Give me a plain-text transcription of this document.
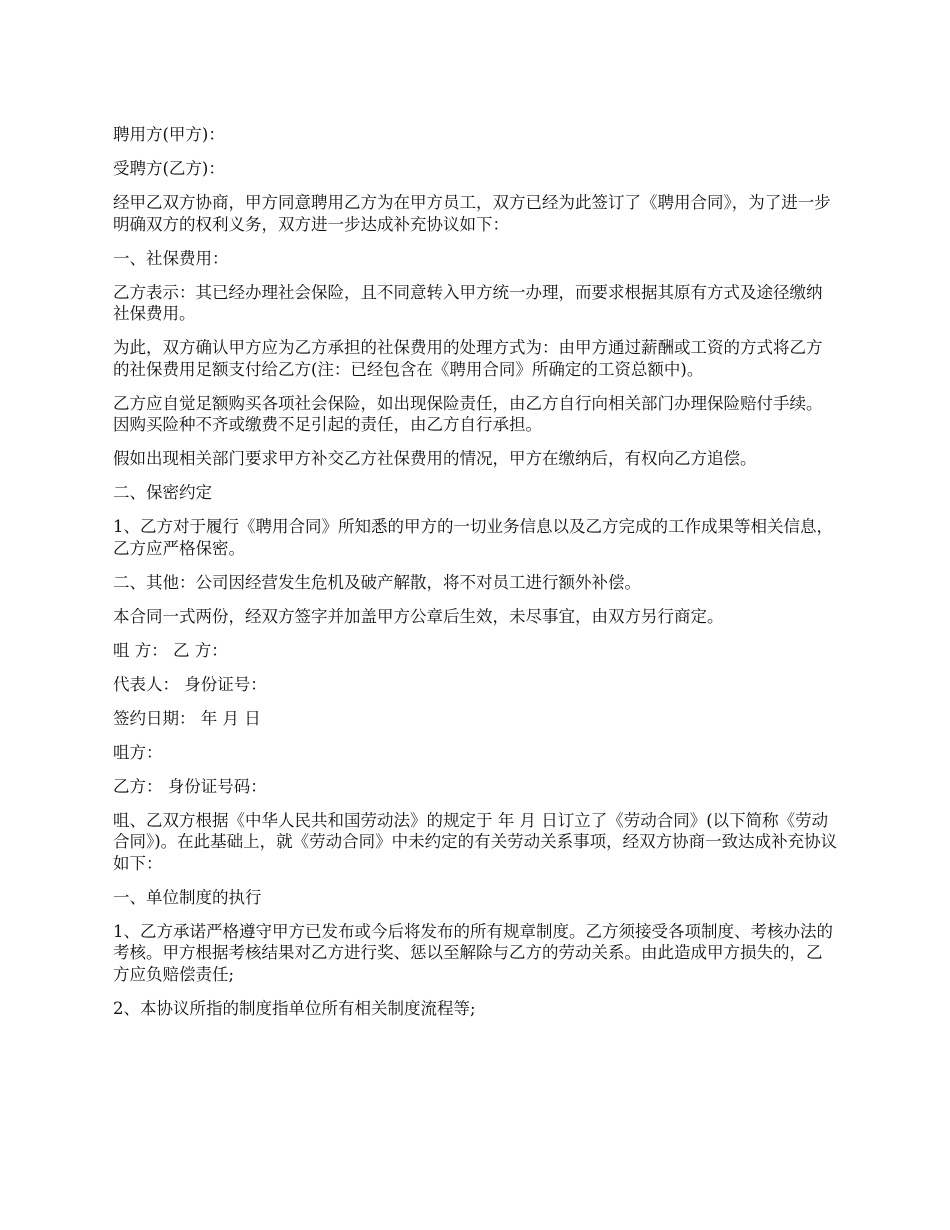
聘用方(甲方)：

受聘方(乙方)：

经甲乙双方协商，甲方同意聘用乙方为在甲方员工，双方已经为此签订了《聘用合同》，为了进一步明确双方的权利义务，双方进一步达成补充协议如下：

一、社保费用：

乙方表示：其已经办理社会保险，且不同意转入甲方统一办理，而要求根据其原有方式及途径缴纳社保费用。

为此，双方确认甲方应为乙方承担的社保费用的处理方式为：由甲方通过薪酬或工资的方式将乙方的社保费用足额支付给乙方(注：已经包含在《聘用合同》所确定的工资总额中)。

乙方应自觉足额购买各项社会保险，如出现保险责任，由乙方自行向相关部门办理保险赔付手续。因购买险种不齐或缴费不足引起的责任，由乙方自行承担。

假如出现相关部门要求甲方补交乙方社保费用的情况，甲方在缴纳后，有权向乙方追偿。

二、保密约定

1、乙方对于履行《聘用合同》所知悉的甲方的一切业务信息以及乙方完成的工作成果等相关信息，乙方应严格保密。

二、其他：公司因经营发生危机及破产解散，将不对员工进行额外补偿。

本合同一式两份，经双方签字并加盖甲方公章后生效，未尽事宜，由双方另行商定。

咀 方： 乙 方：

代表人： 身份证号：

签约日期： 年 月 日

咀方：

乙方： 身份证号码：

咀、乙双方根据《中华人民共和国劳动法》的规定于 年 月 日订立了《劳动合同》(以下简称《劳动合同》)。在此基础上，就《劳动合同》中未约定的有关劳动关系事项，经双方协商一致达成补充协议如下：

一、单位制度的执行

1、乙方承诺严格遵守甲方已发布或今后将发布的所有规章制度。乙方须接受各项制度、考核办法的考核。甲方根据考核结果对乙方进行奖、惩以至解除与乙方的劳动关系。由此造成甲方损失的，乙方应负赔偿责任;

2、本协议所指的制度指单位所有相关制度流程等;
